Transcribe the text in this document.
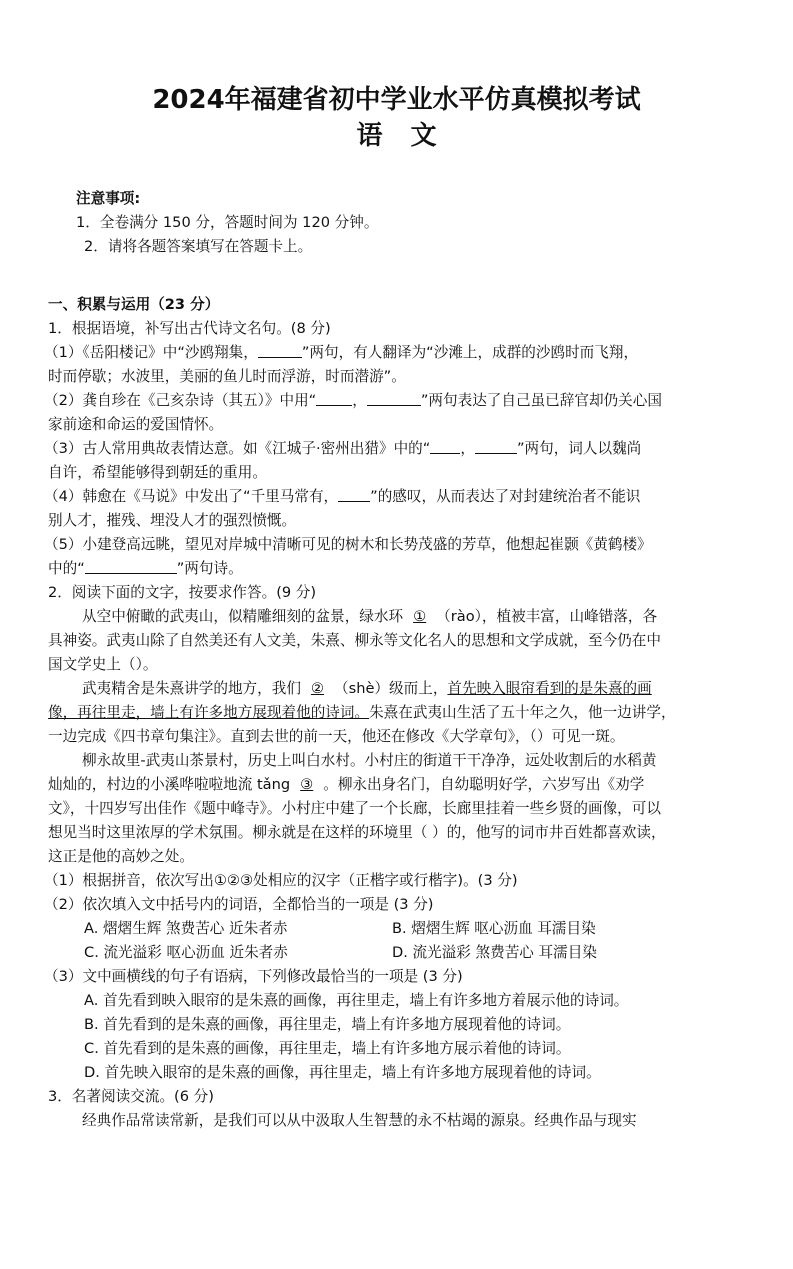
2024年福建省初中学业水平仿真模拟考试
语文
注意事项:
1．全卷满分 150 分，答题时间为 120 分钟。
2．请将各题答案填写在答题卡上。
一、积累与运用（23 分）
1．根据语境，补写出古代诗文名句。(8 分)
（1）《岳阳楼记》中“沙鸥翔集，	”两句，有人翻译为“沙滩上，成群的沙鸥时而飞翔，
时而停歇；水波里，美丽的鱼儿时而浮游，时而潜游”。
（2）龚自珍在《己亥杂诗（其五）》中用“ ，	”两句表达了自己虽已辞官却仍关心国
家前途和命运的爱国情怀。
（3）古人常用典故表情达意。如《江城子·密州出猎》中的“ ，	”两句，词人以魏尚
自许，希望能够得到朝廷的重用。
（4）韩愈在《马说》中发出了“千里马常有， ”的感叹，从而表达了对封建统治者不能识
别人才，摧残、埋没人才的强烈愤慨。
（5）小建登高远眺，望见对岸城中清晰可见的树木和长势茂盛的芳草，他想起崔颢《黄鹤楼》
中的“	”两句诗。
2．阅读下面的文字，按要求作答。(9 分)
从空中俯瞰的武夷山，似精雕细刻的盆景，绿水环 ① （rào），植被丰富，山峰错落，各
具神姿。武夷山除了自然美还有人文美，朱熹、柳永等文化名人的思想和文学成就，至今仍在中
国文学史上（）。
武夷精舍是朱熹讲学的地方，我们 ② （shè）级而上，首先映入眼帘看到的是朱熹的画
像，再往里走，墙上有许多地方展现着他的诗词。朱熹在武夷山生活了五十年之久，他一边讲学，
一边完成《四书章句集注》。直到去世的前一天，他还在修改《大学章句》，（）可见一斑。
柳永故里-武夷山茶景村，历史上叫白水村。小村庄的街道干干净净，远处收割后的水稻黄
灿灿的，村边的小溪哗啦啦地流 tǎng ③ 。柳永出身名门，自幼聪明好学，六岁写出《劝学
文》，十四岁写出佳作《题中峰寺》。小村庄中建了一个长廊，长廊里挂着一些乡贤的画像，可以
想见当时这里浓厚的学术氛围。柳永就是在这样的环境里（ ）的，他写的词市井百姓都喜欢读，
这正是他的高妙之处。
（1）根据拼音，依次写出①②③处相应的汉字（正楷字或行楷字)。(3 分)
（2）依次填入文中括号内的词语，全都恰当的一项是 (3 分)
A. 熠熠生辉 煞费苦心 近朱者赤	B. 熠熠生辉 呕心沥血 耳濡目染
C. 流光溢彩 呕心沥血 近朱者赤	D. 流光溢彩 煞费苦心 耳濡目染
（3）文中画横线的句子有语病，下列修改最恰当的一项是 (3 分)
A. 首先看到映入眼帘的是朱熹的画像，再往里走，墙上有许多地方着展示他的诗词。
B. 首先看到的是朱熹的画像，再往里走，墙上有许多地方展现着他的诗词。
C. 首先看到的是朱熹的画像，再往里走，墙上有许多地方展示着他的诗词。
D. 首先映入眼帘的是朱熹的画像，再往里走，墙上有许多地方展现着他的诗词。
3．名著阅读交流。(6 分)
经典作品常读常新，是我们可以从中汲取人生智慧的永不枯竭的源泉。经典作品与现实
